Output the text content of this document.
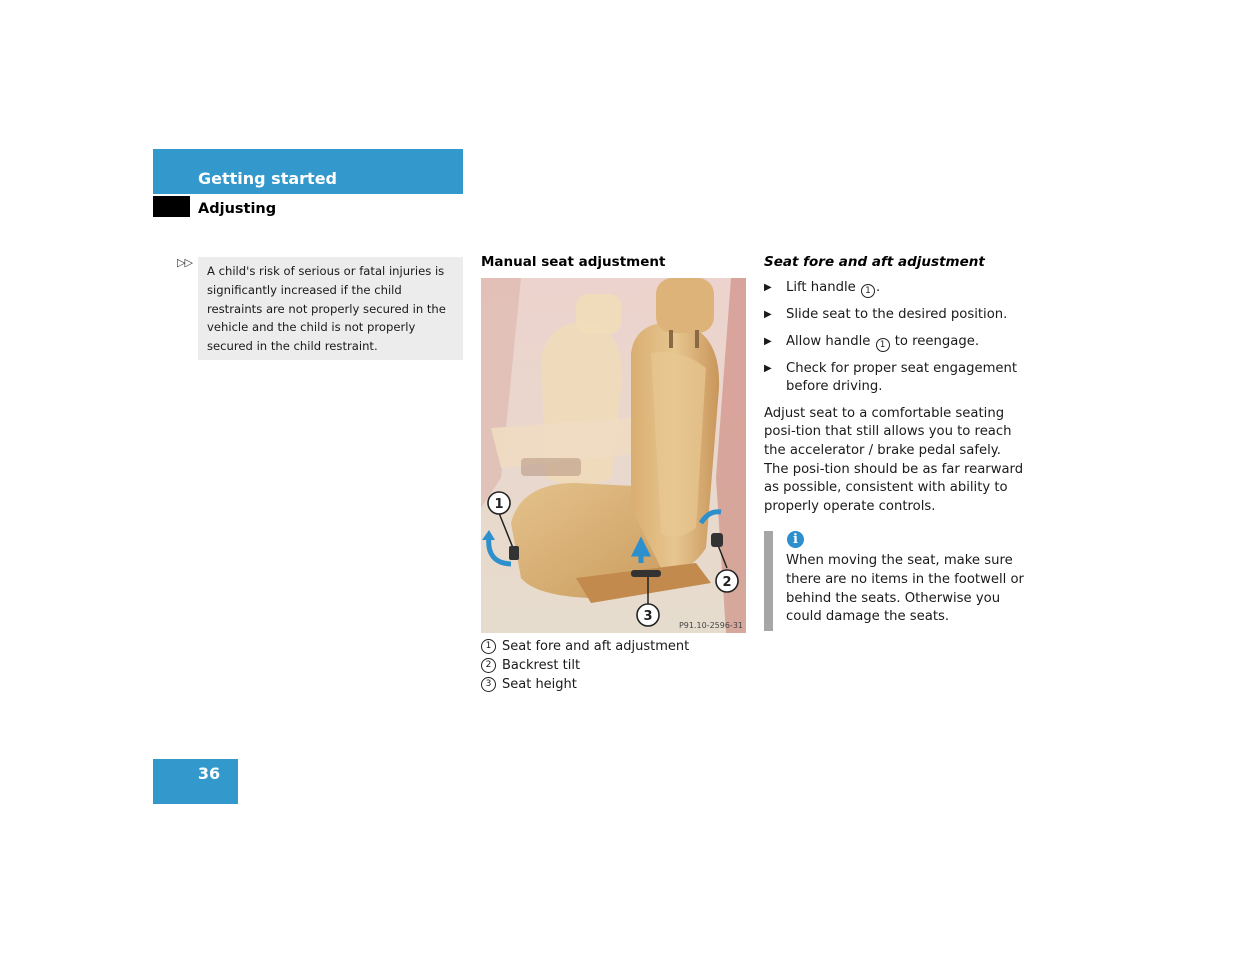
Getting started
Adjusting
▷▷

A child's risk of serious or fatal injuries is significantly increased if the child restraints are not properly secured in the vehicle and the child is not properly secured in the child restraint.

Manual seat adjustment
1
2
3
P91.10-2596-31
1 Seat fore and aft adjustment
2 Backrest tilt
3 Seat height
Seat fore and aft adjustment
▶	Lift handle 1 .
▶	Slide seat to the desired position.
▶	Allow handle 1 to reengage.
▶	Check for proper seat engagement before driving.

Adjust seat to a comfortable seating posi-tion that still allows you to reach the accelerator / brake pedal safely. The posi-tion should be as far rearward as possible, consistent with ability to properly operate controls.

i

When moving the seat, make sure there are no items in the footwell or behind the seats. Otherwise you could damage the seats.

36
